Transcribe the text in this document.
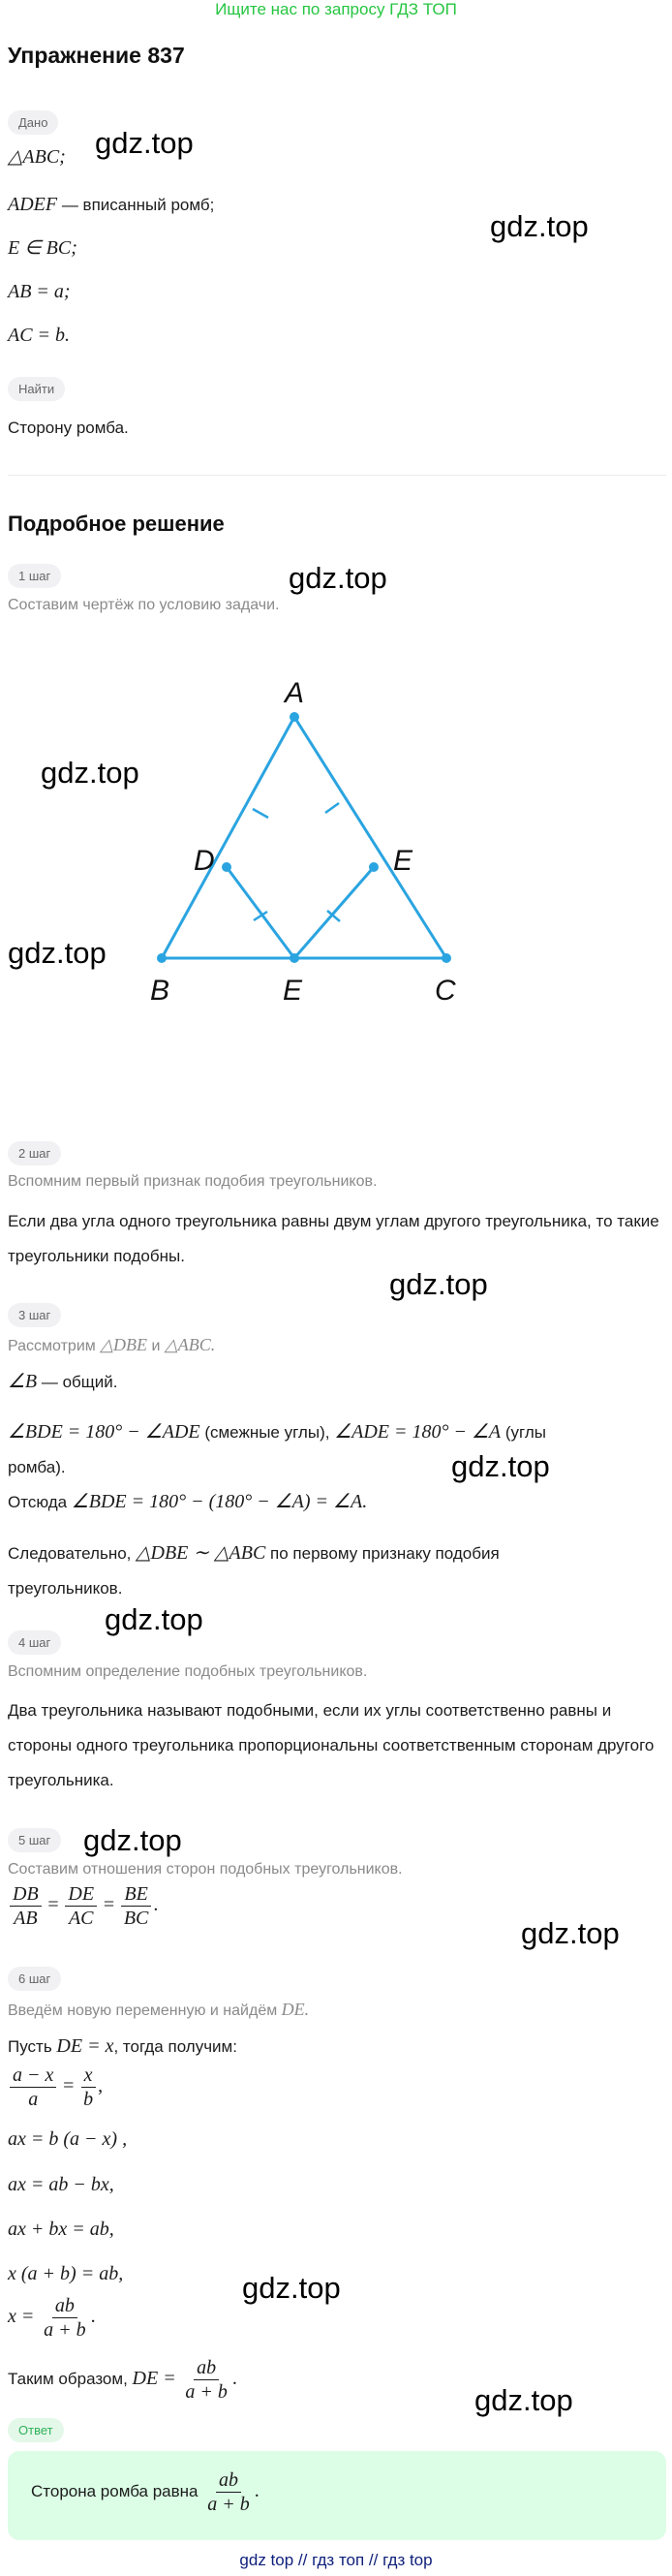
Ищите нас по запросу ГДЗ ТОП
Упражнение 837
Дано
△ABC;
ADEF — вписанный ромб;
E ∈ BC;
AB = a;
AC = b.
Найти
Сторону ромба.
Подробное решение
1 шаг
Составим чертёж по условию задачи.
A
D	E
B	E	C
2 шаг
Вспомним первый признак подобия треугольников.
Если два угла одного треугольника равны двум углам другого треугольника, то такие треугольники подобны.
3 шаг
Рассмотрим △DBE и △ABC.
∠B — общий.
∠BDE = 180° − ∠ADE (смежные углы), ∠ADE = 180° − ∠A (углы
ромба).
Отсюда ∠BDE = 180° − (180° − ∠A) = ∠A.
Следовательно, △DBE ∼ △ABC по первому признаку подобия
треугольников.
4 шаг
Вспомним определение подобных треугольников.
Два треугольника называют подобными, если их углы соответственно равны и стороны одного треугольника пропорциональны соответственным сторонам другого треугольника.
5 шаг
Составим отношения сторон подобных треугольников.
$\frac{DB}{AB} = \frac{DE}{AC} = \frac{BE}{BC}$ .
6 шаг
Введём новую переменную и найдём DE.
Пусть DE = x, тогда получим:
$\frac{a - x}{a} = \frac{x}{b}$ ,
ax = b (a − x) ,
ax = ab − bx,
ax + bx = ab,
x (a + b) = ab,
$x = \frac{ab}{a + b}$ .
Таким образом, DE = $\frac{ab}{a + b}$ .
Ответ
Сторона ромба равна $\frac{ab}{a + b}$ .
gdz.top
gdz.top
gdz.top
gdz.top
gdz.top
gdz.top
gdz.top
gdz.top
gdz.top
gdz.top
gdz.top
gdz.top
gdz top // гдз топ // гдз top
